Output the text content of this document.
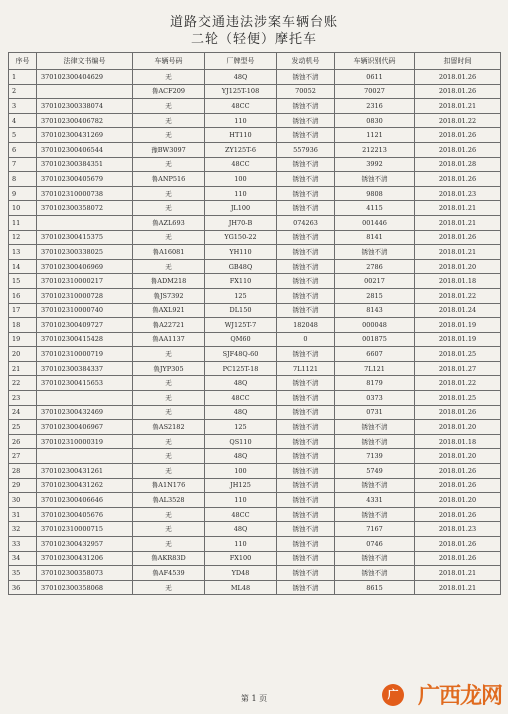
道路交通违法涉案车辆台账
二轮（轻便）摩托车
序号	法律文书编号	车辆号码	厂牌型号	发动机号	车辆识别代码	扣留时间
1	370102300404629	无	48Q	锈蚀不清	0611	2018.01.26
2		鲁ACF209	YJ125T-108	70052	70027	2018.01.26
3	370102300338074	无	48CC	锈蚀不清	2316	2018.01.21
4	370102300406782	无	110	锈蚀不清	0830	2018.01.22
5	370102300431269	无	HT110	锈蚀不清	1121	2018.01.26
6	370102300406544	豫BW3097	ZY125T-6	557936	212213	2018.01.26
7	370102300384351	无	48CC	锈蚀不清	3992	2018.01.28
8	370102300405679	鲁ANP516	100	锈蚀不清	锈蚀不清	2018.01.26
9	370102310000738	无	110	锈蚀不清	9808	2018.01.23
10	370102300358072	无	JL100	锈蚀不清	4115	2018.01.21
11		鲁AZL693	JH70-B	074263	001446	2018.01.21
12	370102300415375	无	YG150-22	锈蚀不清	8141	2018.01.26
13	370102300338025	鲁A16081	YH110	锈蚀不清	锈蚀不清	2018.01.21
14	370102300406969	无	GB48Q	锈蚀不清	2786	2018.01.20
15	370102310000217	鲁ADM218	FX110	锈蚀不清	00217	2018.01.18
16	370102310000728	鲁JS7392	125	锈蚀不清	2815	2018.01.22
17	370102310000740	鲁AXL921	DL150	锈蚀不清	8143	2018.01.24
18	370102300409727	鲁A22721	WJ125T-7	182048	000048	2018.01.19
19	370102300415428	鲁AA1137	QM60	0	001875	2018.01.19
20	370102310000719	无	SJF48Q-60	锈蚀不清	6607	2018.01.25
21	370102300384337	鲁JYP305	PC125T-18	7L1121	7L121	2018.01.27
22	370102300415653	无	48Q	锈蚀不清	8179	2018.01.22
23		无	48CC	锈蚀不清	0373	2018.01.25
24	370102300432469	无	48Q	锈蚀不清	0731	2018.01.26
25	370102300406967	鲁AS2182	125	锈蚀不清	锈蚀不清	2018.01.20
26	370102310000319	无	QS110	锈蚀不清	锈蚀不清	2018.01.18
27		无	48Q	锈蚀不清	7139	2018.01.20
28	370102300431261	无	100	锈蚀不清	5749	2018.01.26
29	370102300431262	鲁A1N176	JH125	锈蚀不清	锈蚀不清	2018.01.26
30	370102300406646	鲁AL3528	110	锈蚀不清	4331	2018.01.20
31	370102300405676	无	48CC	锈蚀不清	锈蚀不清	2018.01.26
32	370102310000715	无	48Q	锈蚀不清	7167	2018.01.23
33	370102300432957	无	110	锈蚀不清	0746	2018.01.26
34	370102300431206	鲁AKR83D	FX100	锈蚀不清	锈蚀不清	2018.01.26
35	370102300358073	鲁AF4539	YD48	锈蚀不清	锈蚀不清	2018.01.21
36	370102300358068	无	ML48	锈蚀不清	8615	2018.01.21
第 1 页	广 广西龙网
